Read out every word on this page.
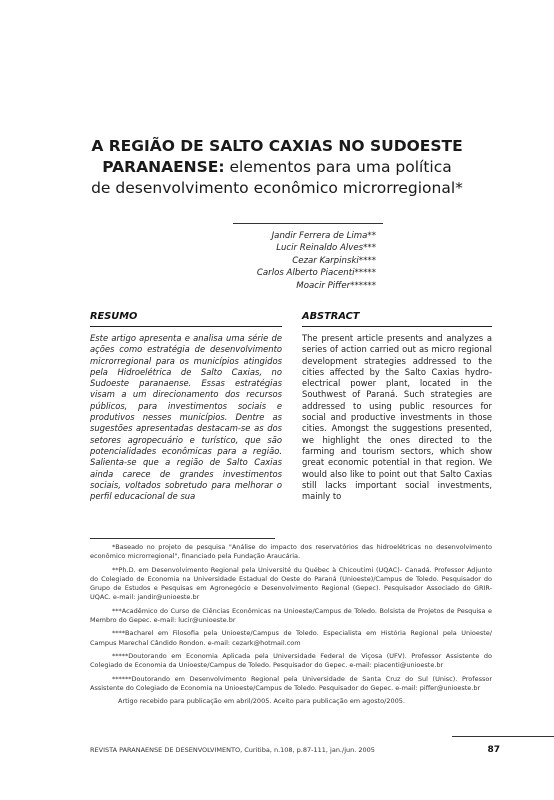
A REGIÃO DE SALTO CAXIAS NO SUDOESTE
PARANAENSE: elementos para uma política
de desenvolvimento econômico microrregional*
Jandir Ferrera de Lima**
Lucir Reinaldo Alves***
Cezar Karpinski****
Carlos Alberto Piacenti*****
Moacir Piffer******
RESUMO
Este artigo apresenta e analisa uma série de ações como estratégia de desenvolvimento microrregional para os municípios atingidos pela Hidroelétrica de Salto Caxias, no Sudoeste paranaense. Essas estratégias visam a um direcionamento dos recursos públicos, para investimentos sociais e produtivos nesses municípios. Dentre as sugestões apresentadas destacam-se as dos setores agropecuário e turístico, que são potencialidades econômicas para a região. Salienta-se que a região de Salto Caxias ainda carece de grandes investimentos sociais, voltados sobretudo para melhorar o perfil educacional de sua
ABSTRACT
The present article presents and analyzes a series of action carried out as micro regional development strategies addressed to the cities affected by the Salto Caxias hydro-electrical power plant, located in the Southwest of Paraná. Such strategies are addressed to using public resources for social and productive investments in those cities. Amongst the suggestions presented, we highlight the ones directed to the farming and tourism sectors, which show great economic potential in that region. We would also like to point out that Salto Caxias still lacks important social investments, mainly to

*Baseado no projeto de pesquisa "Análise do impacto dos reservatórios das hidroelétricas no desenvolvimento econômico microrregional", financiado pela Fundação Araucária.

**Ph.D. em Desenvolvimento Regional pela Université du Québec à Chicoutimi (UQAC)- Canadá. Professor Adjunto do Colegiado de Economia na Universidade Estadual do Oeste do Paraná (Unioeste)/Campus de Toledo. Pesquisador do Grupo de Estudos e Pesquisas em Agronegócio e Desenvolvimento Regional (Gepec). Pesquisador Associado do GRIR-UQAC. e-mail: jandir@unioeste.br

***Acadêmico do Curso de Ciências Econômicas na Unioeste/Campus de Toledo. Bolsista de Projetos de Pesquisa e Membro do Gepec. e-mail: lucir@unioeste.br

****Bacharel em Filosofia pela Unioeste/Campus de Toledo. Especialista em História Regional pela Unioeste/ Campus Marechal Cândido Rondon. e-mail: cezark@hotmail.com

*****Doutorando em Economia Aplicada pela Universidade Federal de Viçosa (UFV). Professor Assistente do Colegiado de Economia da Unioeste/Campus de Toledo. Pesquisador do Gepec. e-mail: piacenti@unioeste.br

******Doutorando em Desenvolvimento Regional pela Universidade de Santa Cruz do Sul (Unisc). Professor Assistente do Colegiado de Economia na Unioeste/Campus de Toledo. Pesquisador do Gepec. e-mail: piffer@unioeste.br

Artigo recebido para publicação em abril/2005. Aceito para publicação em agosto/2005.

REVISTA PARANAENSE DE DESENVOLVIMENTO, Curitiba, n.108, p.87-111, jan./jun. 2005	87
